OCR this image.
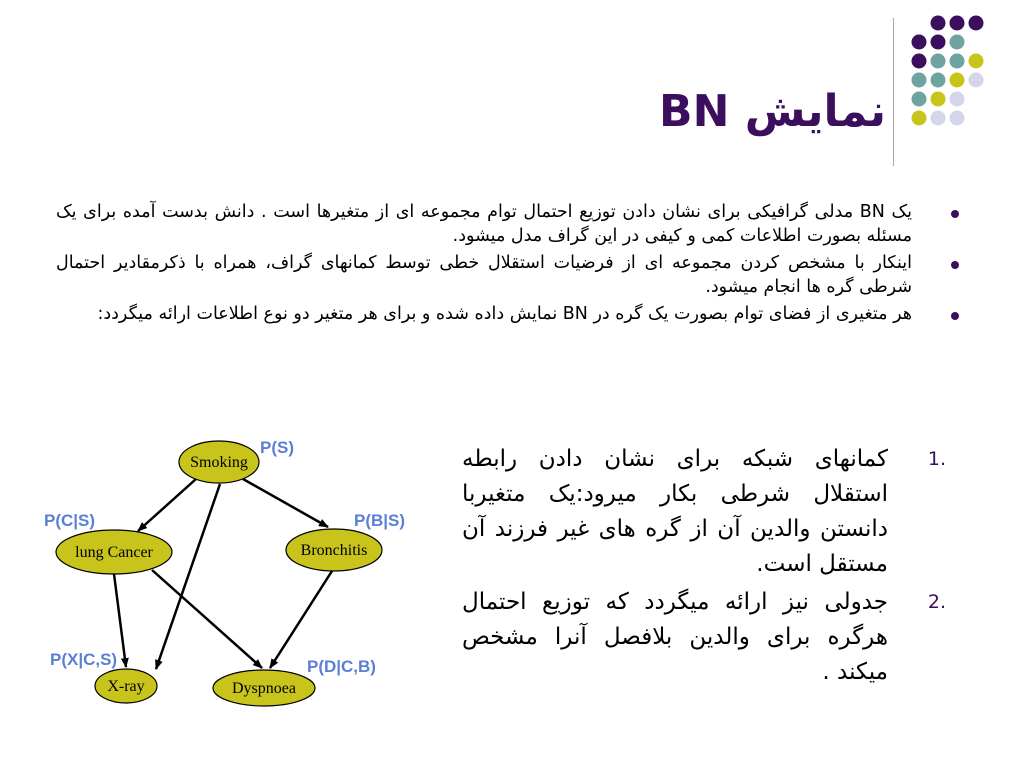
نمایش BN
یک BN مدلی گرافیکی برای نشان دادن توزیع احتمال توام مجموعه ای از متغیرها است . دانش بدست آمده برای یک مسئله بصورت اطلاعات کمی و کیفی در این گراف مدل میشود.
اینکار با مشخص کردن مجموعه ای از فرضیات استقلال خطی توسط کمانهای گراف، همراه با ذکرمقادیر احتمال شرطی گره ها انجام میشود.
هر متغیری از فضای توام بصورت یک گره در BN نمایش داده شده و برای هر متغیر دو نوع اطلاعات ارائه میگردد:
1.
کمانهای شبکه برای نشان دادن رابطه استقلال شرطی بکار میرود:یک متغیربا دانستن والدین آن از گره های غیر فرزند آن مستقل است.
2.
جدولی نیز ارائه میگردد که توزیع احتمال هرگره برای والدین بلافصل آنرا مشخص میکند .
Smoking
lung Cancer	Bronchitis
X-ray	Dyspnoea
P(S)
P(C|S)	P(B|S)
P(X|C,S)	P(D|C,B)
